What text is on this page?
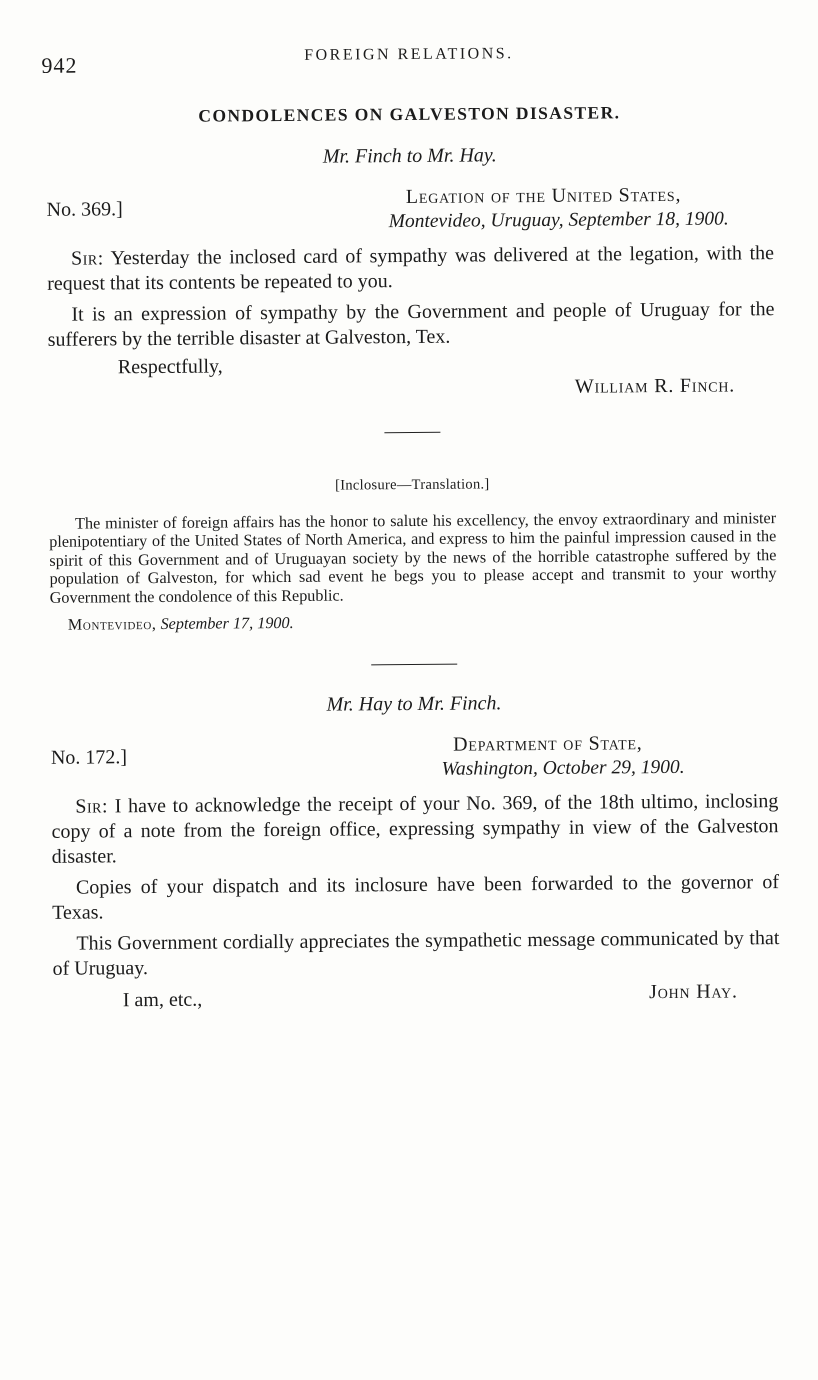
942	FOREIGN RELATIONS.
CONDOLENCES ON GALVESTON DISASTER.
Mr. Finch to Mr. Hay.
No. 369.]
Legation of the United States,
Montevideo, Uruguay, September 18, 1900.

Sir: Yesterday the inclosed card of sympathy was delivered at the legation, with the request that its contents be repeated to you.

It is an expression of sympathy by the Government and people of Uruguay for the sufferers by the terrible disaster at Galveston, Tex.

Respectfully,
William R. Finch.
[Inclosure—Translation.]

The minister of foreign affairs has the honor to salute his excellency, the envoy extraordinary and minister plenipotentiary of the United States of North America, and express to him the painful impression caused in the spirit of this Government and of Uruguayan society by the news of the horrible catastrophe suffered by the population of Galveston, for which sad event he begs you to please accept and transmit to your worthy Government the condolence of this Republic.

Montevideo, September 17, 1900.
Mr. Hay to Mr. Finch.
No. 172.]
Department of State,
Washington, October 29, 1900.

Sir: I have to acknowledge the receipt of your No. 369, of the 18th ultimo, inclosing copy of a note from the foreign office, expressing sympathy in view of the Galveston disaster.

Copies of your dispatch and its inclosure have been forwarded to the governor of Texas.

This Government cordially appreciates the sympathetic message communicated by that of Uruguay.

I am, etc.,	John Hay.
